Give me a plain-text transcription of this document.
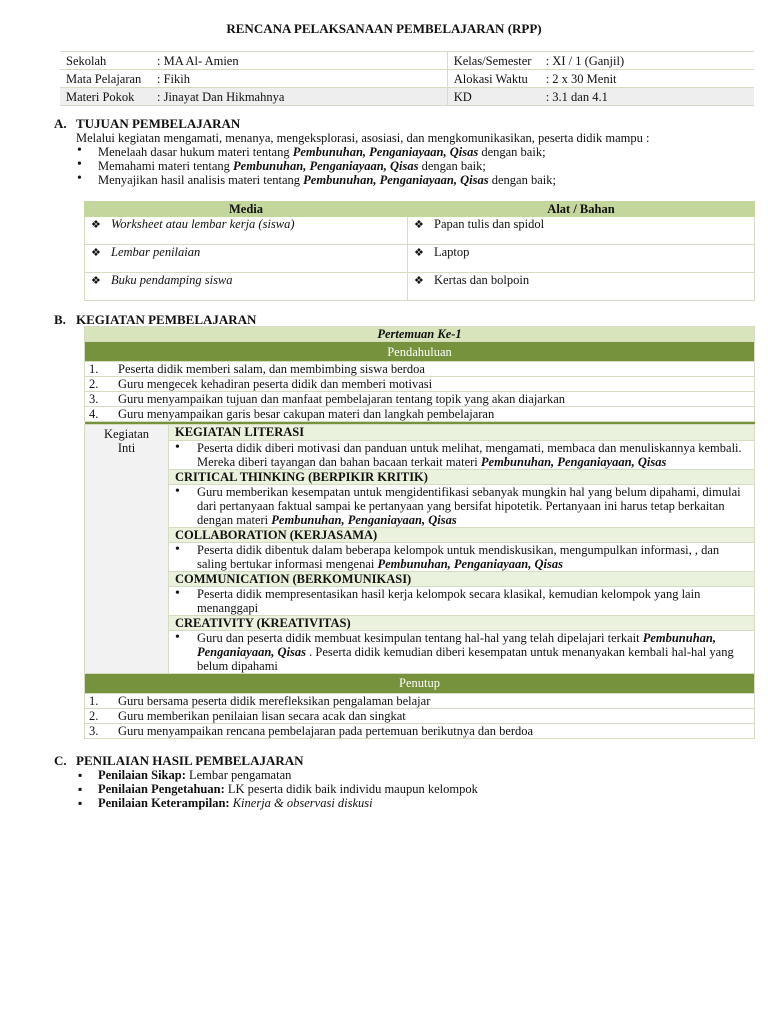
RENCANA PELAKSANAAN PEMBELAJARAN (RPP)
Sekolah : MA Al- Amien	Kelas/Semester : XI / 1 (Ganjil)
Mata Pelajaran : Fikih	Alokasi Waktu : 2 x 30 Menit
Materi Pokok : Jinayat Dan Hikmahnya	KD : 3.1 dan 4.1
A. TUJUAN PEMBELAJARAN
Melalui kegiatan mengamati, menanya, mengeksplorasi, asosiasi, dan mengkomunikasikan, peserta didik mampu :
• Menelaah dasar hukum materi tentang Pembunuhan, Penganiayaan, Qisas dengan baik;
• Memahami materi tentang Pembunuhan, Penganiayaan, Qisas dengan baik;
• Menyajikan hasil analisis materi tentang Pembunuhan, Penganiayaan, Qisas dengan baik;
Media	Alat / Bahan
❖ Worksheet atau lembar kerja (siswa)	❖ Papan tulis dan spidol
❖ Lembar penilaian	❖ Laptop
❖ Buku pendamping siswa	❖ Kertas dan bolpoin
B. KEGIATAN PEMBELAJARAN
Pertemuan Ke-1
Pendahuluan
1. Peserta didik memberi salam, dan membimbing siswa berdoa
2. Guru mengecek kehadiran peserta didik dan memberi motivasi
3. Guru menyampaikan tujuan dan manfaat pembelajaran tentang topik yang akan diajarkan
4. Guru menyampaikan garis besar cakupan materi dan langkah pembelajaran

Kegiatan
Inti

KEGIATAN LITERASI
• Peserta didik diberi motivasi dan panduan untuk melihat, mengamati, membaca dan menuliskannya kembali. Mereka diberi tayangan dan bahan bacaan terkait materi Pembunuhan, Penganiayaan, Qisas
CRITICAL THINKING (BERPIKIR KRITIK)
• Guru memberikan kesempatan untuk mengidentifikasi sebanyak mungkin hal yang belum dipahami, dimulai dari pertanyaan faktual sampai ke pertanyaan yang bersifat hipotetik. Pertanyaan ini harus tetap berkaitan dengan materi Pembunuhan, Penganiayaan, Qisas
COLLABORATION (KERJASAMA)
• Peserta didik dibentuk dalam beberapa kelompok untuk mendiskusikan, mengumpulkan informasi, , dan saling bertukar informasi mengenai Pembunuhan, Penganiayaan, Qisas
COMMUNICATION (BERKOMUNIKASI)
• Peserta didik mempresentasikan hasil kerja kelompok secara klasikal, kemudian kelompok yang lain menanggapi
CREATIVITY (KREATIVITAS)
• Guru dan peserta didik membuat kesimpulan tentang hal-hal yang telah dipelajari terkait Pembunuhan, Penganiayaan, Qisas . Peserta didik kemudian diberi kesempatan untuk menanyakan kembali hal-hal yang belum dipahami

Penutup
1. Guru bersama peserta didik merefleksikan pengalaman belajar
2. Guru memberikan penilaian lisan secara acak dan singkat
3. Guru menyampaikan rencana pembelajaran pada pertemuan berikutnya dan berdoa
C. PENILAIAN HASIL PEMBELAJARAN
▪ Penilaian Sikap: Lembar pengamatan
▪ Penilaian Pengetahuan: LK peserta didik baik individu maupun kelompok
▪ Penilaian Keterampilan: Kinerja & observasi diskusi
